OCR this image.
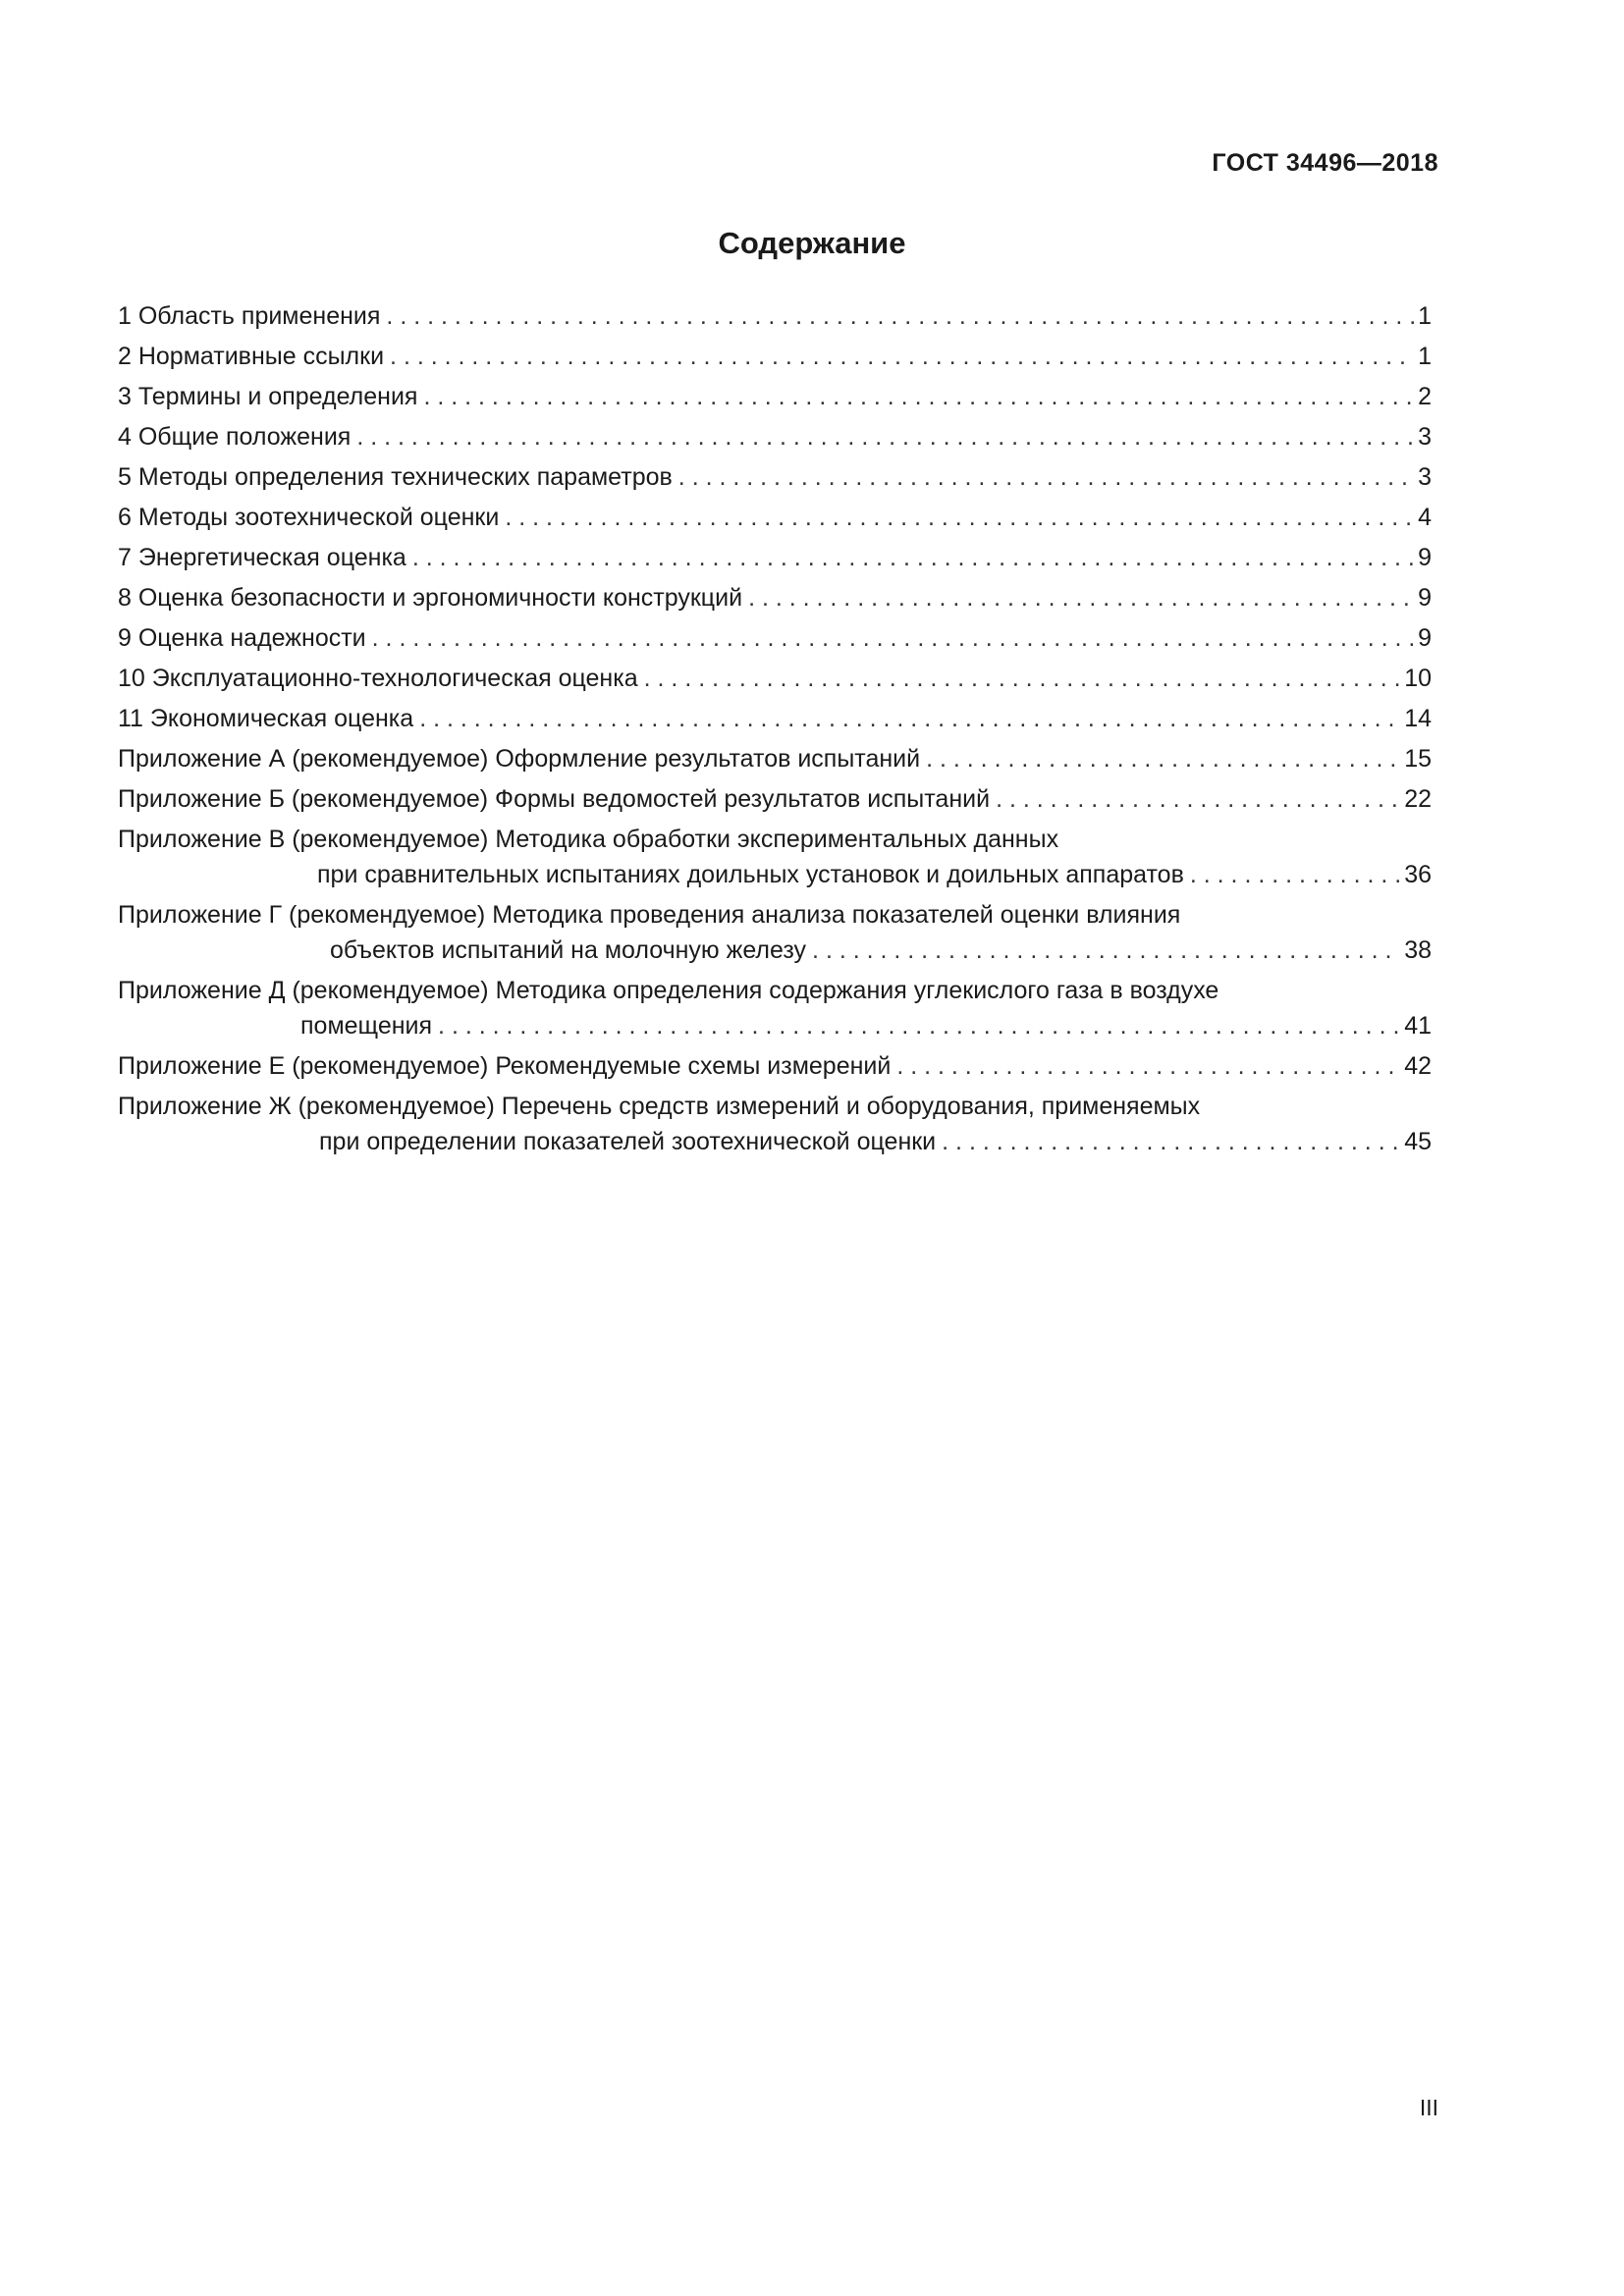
ГОСТ 34496—2018
Содержание
1 Область применения . . .	1
2 Нормативные ссылки . . .	1
3 Термины и определения . . .	2
4 Общие положения . . .	3
5 Методы определения технических параметров . . .	3
6 Методы зоотехнической оценки . . .	4
7 Энергетическая оценка . . .	9
8 Оценка безопасности и эргономичности конструкций . . .	9
9 Оценка надежности . . .	9
10 Эксплуатационно-технологическая оценка . . .	10
11 Экономическая оценка . . .	14
Приложение А (рекомендуемое) Оформление результатов испытаний . . .	15
Приложение Б (рекомендуемое) Формы ведомостей результатов испытаний . . .	22
Приложение В (рекомендуемое) Методика обработки экспериментальных данных
при сравнительных испытаниях доильных установок и доильных аппаратов . . .	36
Приложение Г (рекомендуемое) Методика проведения анализа показателей оценки влияния
объектов испытаний на молочную железу . . .	38
Приложение Д (рекомендуемое) Методика определения содержания углекислого газа в воздухе
помещения . . .	41
Приложение Е (рекомендуемое) Рекомендуемые схемы измерений . . .	42
Приложение Ж (рекомендуемое) Перечень средств измерений и оборудования, применяемых
при определении показателей зоотехнической оценки . . .	45
III
